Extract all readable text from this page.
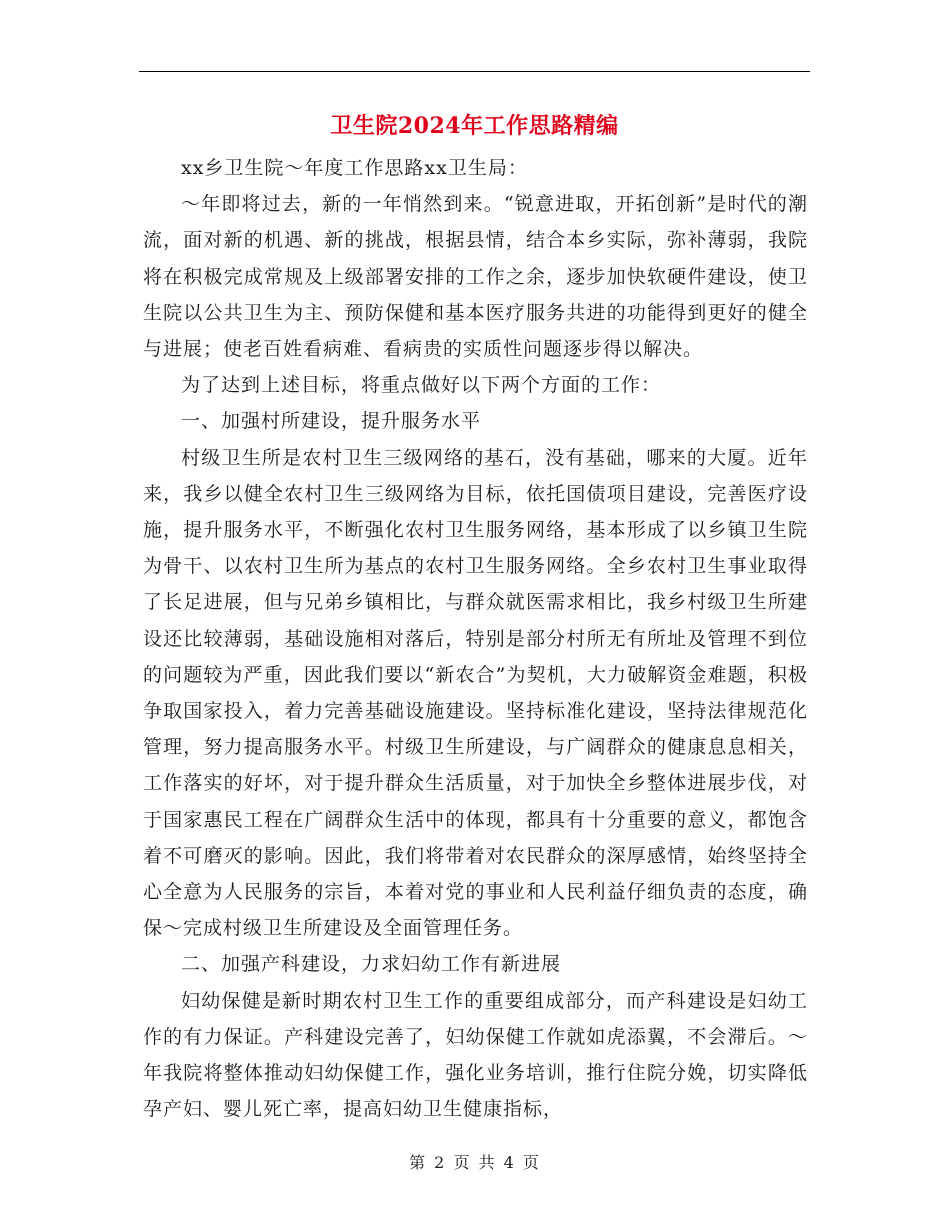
卫生院2024年工作思路精编

xx乡卫生院～年度工作思路xx卫生局：

～年即将过去，新的一年悄然到来。“锐意进取，开拓创新”是时代的潮流，面对新的机遇、新的挑战，根据县情，结合本乡实际，弥补薄弱，我院将在积极完成常规及上级部署安排的工作之余，逐步加快软硬件建设，使卫生院以公共卫生为主、预防保健和基本医疗服务共进的功能得到更好的健全与进展；使老百姓看病难、看病贵的实质性问题逐步得以解决。

为了达到上述目标，将重点做好以下两个方面的工作：

一、加强村所建设，提升服务水平

村级卫生所是农村卫生三级网络的基石，没有基础，哪来的大厦。近年来，我乡以健全农村卫生三级网络为目标，依托国债项目建设，完善医疗设施，提升服务水平，不断强化农村卫生服务网络，基本形成了以乡镇卫生院为骨干、以农村卫生所为基点的农村卫生服务网络。全乡农村卫生事业取得了长足进展，但与兄弟乡镇相比，与群众就医需求相比，我乡村级卫生所建设还比较薄弱，基础设施相对落后，特别是部分村所无有所址及管理不到位的问题较为严重，因此我们要以“新农合”为契机，大力破解资金难题，积极争取国家投入，着力完善基础设施建设。坚持标准化建设，坚持法律规范化管理，努力提高服务水平。村级卫生所建设，与广阔群众的健康息息相关，工作落实的好坏，对于提升群众生活质量，对于加快全乡整体进展步伐，对于国家惠民工程在广阔群众生活中的体现，都具有十分重要的意义，都饱含着不可磨灭的影响。因此，我们将带着对农民群众的深厚感情，始终坚持全心全意为人民服务的宗旨，本着对党的事业和人民利益仔细负责的态度，确保～完成村级卫生所建设及全面管理任务。

二、加强产科建设，力求妇幼工作有新进展

妇幼保健是新时期农村卫生工作的重要组成部分，而产科建设是妇幼工作的有力保证。产科建设完善了，妇幼保健工作就如虎添翼，不会滞后。～年我院将整体推动妇幼保健工作，强化业务培训，推行住院分娩，切实降低孕产妇、婴儿死亡率，提高妇幼卫生健康指标，

第 2 页 共 4 页
